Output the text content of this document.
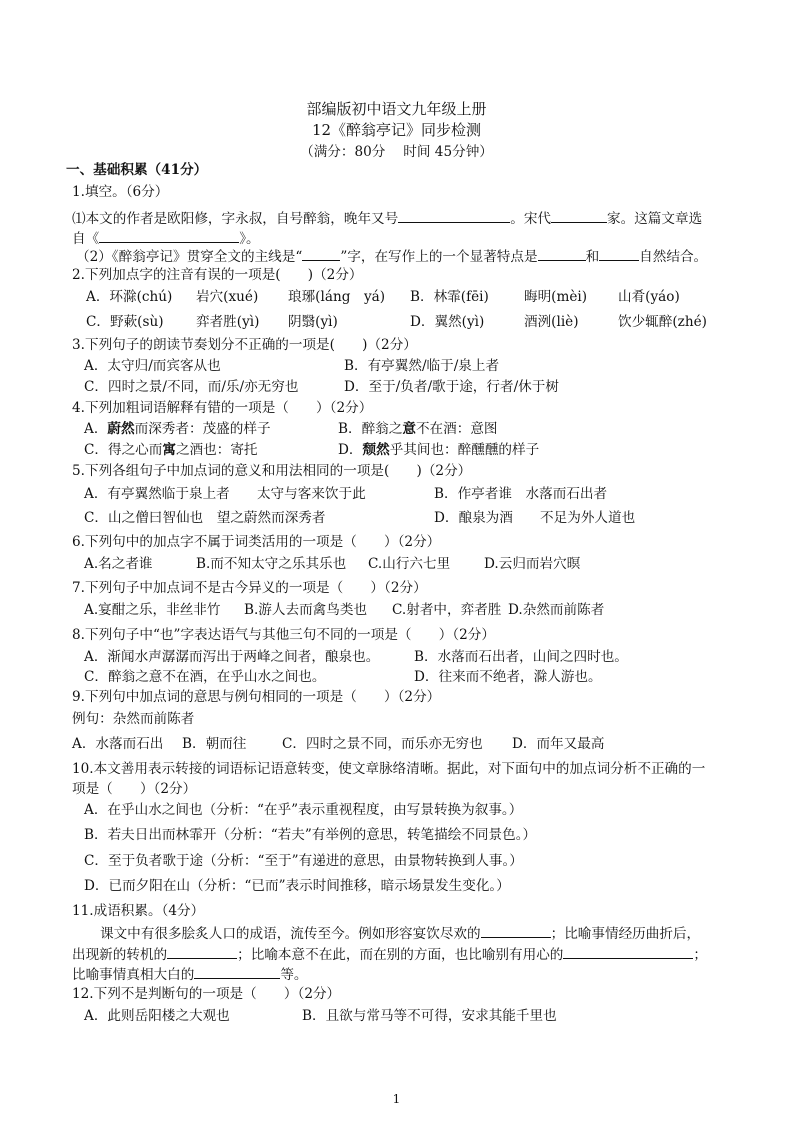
部编版初中语文九年级上册
12《醉翁亭记》同步检测
（满分：80分　 时间 45分钟）
一、基础积累（41分）
1.填空。（6分）
⑴本文的作者是欧阳修，字永叔，自号醉翁，晚年又号	。宋代	家。这篇文章选
自《	》。
（2）《醉翁亭记》贯穿全文的主线是“	”字，在写作上的一个显著特点是	和	自然结合。
2.下列加点字的注音有误的一项是(　　)（2分）
A．环滁(chú) 岩穴(xué) 琅琊(láng　yá) B．林霏(fēi)	晦明(mèi) 山肴(yáo)
C．野蔌(sù) 弈者胜(yì) 阴翳(yì)	D．翼然(yì)	酒洌(liè)	饮少辄醉(zhé)
3.下列句子的朗读节奏划分不正确的一项是(　　)（2分）
A．太守归/而宾客从也	B．有亭翼然/临于/泉上者
C．四时之景/不同，而/乐/亦无穷也	D．至于/负者/歌于途，行者/休于树
4.下列加粗词语解释有错的一项是（　　）（2分）
A．蔚然而深秀者：茂盛的样子	B．醉翁之意不在酒：意图
C．得之心而寓之酒也：寄托	D．颓然乎其间也：醉醺醺的样子
5.下列各组句子中加点词的意义和用法相同的一项是(　　)（2分）
A．有亭翼然临于泉上者　　太守与客来饮于此	B．作亭者谁　水落而石出者
C．山之僧曰智仙也　望之蔚然而深秀者	D．酿泉为酒　　不足为外人道也
6.下列句中的加点字不属于词类活用的一项是（　　）（2分）
A.名之者谁	B.而不知太守之乐其乐也 C.山行六七里 D.云归而岩穴暝
7.下列句子中加点词不是古今异义的一项是（　　）（2分）
A.宴酣之乐，非丝非竹 B.游人去而禽鸟类也 C.射者中，弈者胜 D.杂然而前陈者
8.下列句子中“也”字表达语气与其他三句不同的一项是（　　）（2分）
A．渐闻水声潺潺而泻出于两峰之间者，酿泉也。	B．水落而石出者，山间之四时也。
C．醉翁之意不在酒，在乎山水之间也。	D．往来而不绝者，滁人游也。
9.下列句中加点词的意思与例句相同的一项是（　　）（2分）
例句：杂然而前陈者
A．水落而石出 B．朝而往	C．四时之景不同，而乐亦无穷也 D．而年又最高
10.本文善用表示转接的词语标记语意转变，使文章脉络清晰。据此，对下面句中的加点词分析不正确的一
项是（　　）（2分）
A．在乎山水之间也（分析：“在乎”表示重视程度，由写景转换为叙事。）
B．若夫日出而林霏开（分析：“若夫”有举例的意思，转笔描绘不同景色。）
C．至于负者歌于途（分析：“至于”有递进的意思，由景物转换到人事。）
D．已而夕阳在山（分析：“已而”表示时间推移，暗示场景发生变化。）
11.成语积累。（4分）
课文中有很多脍炙人口的成语，流传至今。例如形容宴饮尽欢的	；比喻事情经历曲折后，
出现新的转机的	；比喻本意不在此，而在别的方面，也比喻别有用心的	；
比喻事情真相大白的	等。
12.下列不是判断句的一项是（　　）（2分）
A．此则岳阳楼之大观也	B．且欲与常马等不可得，安求其能千里也
1
